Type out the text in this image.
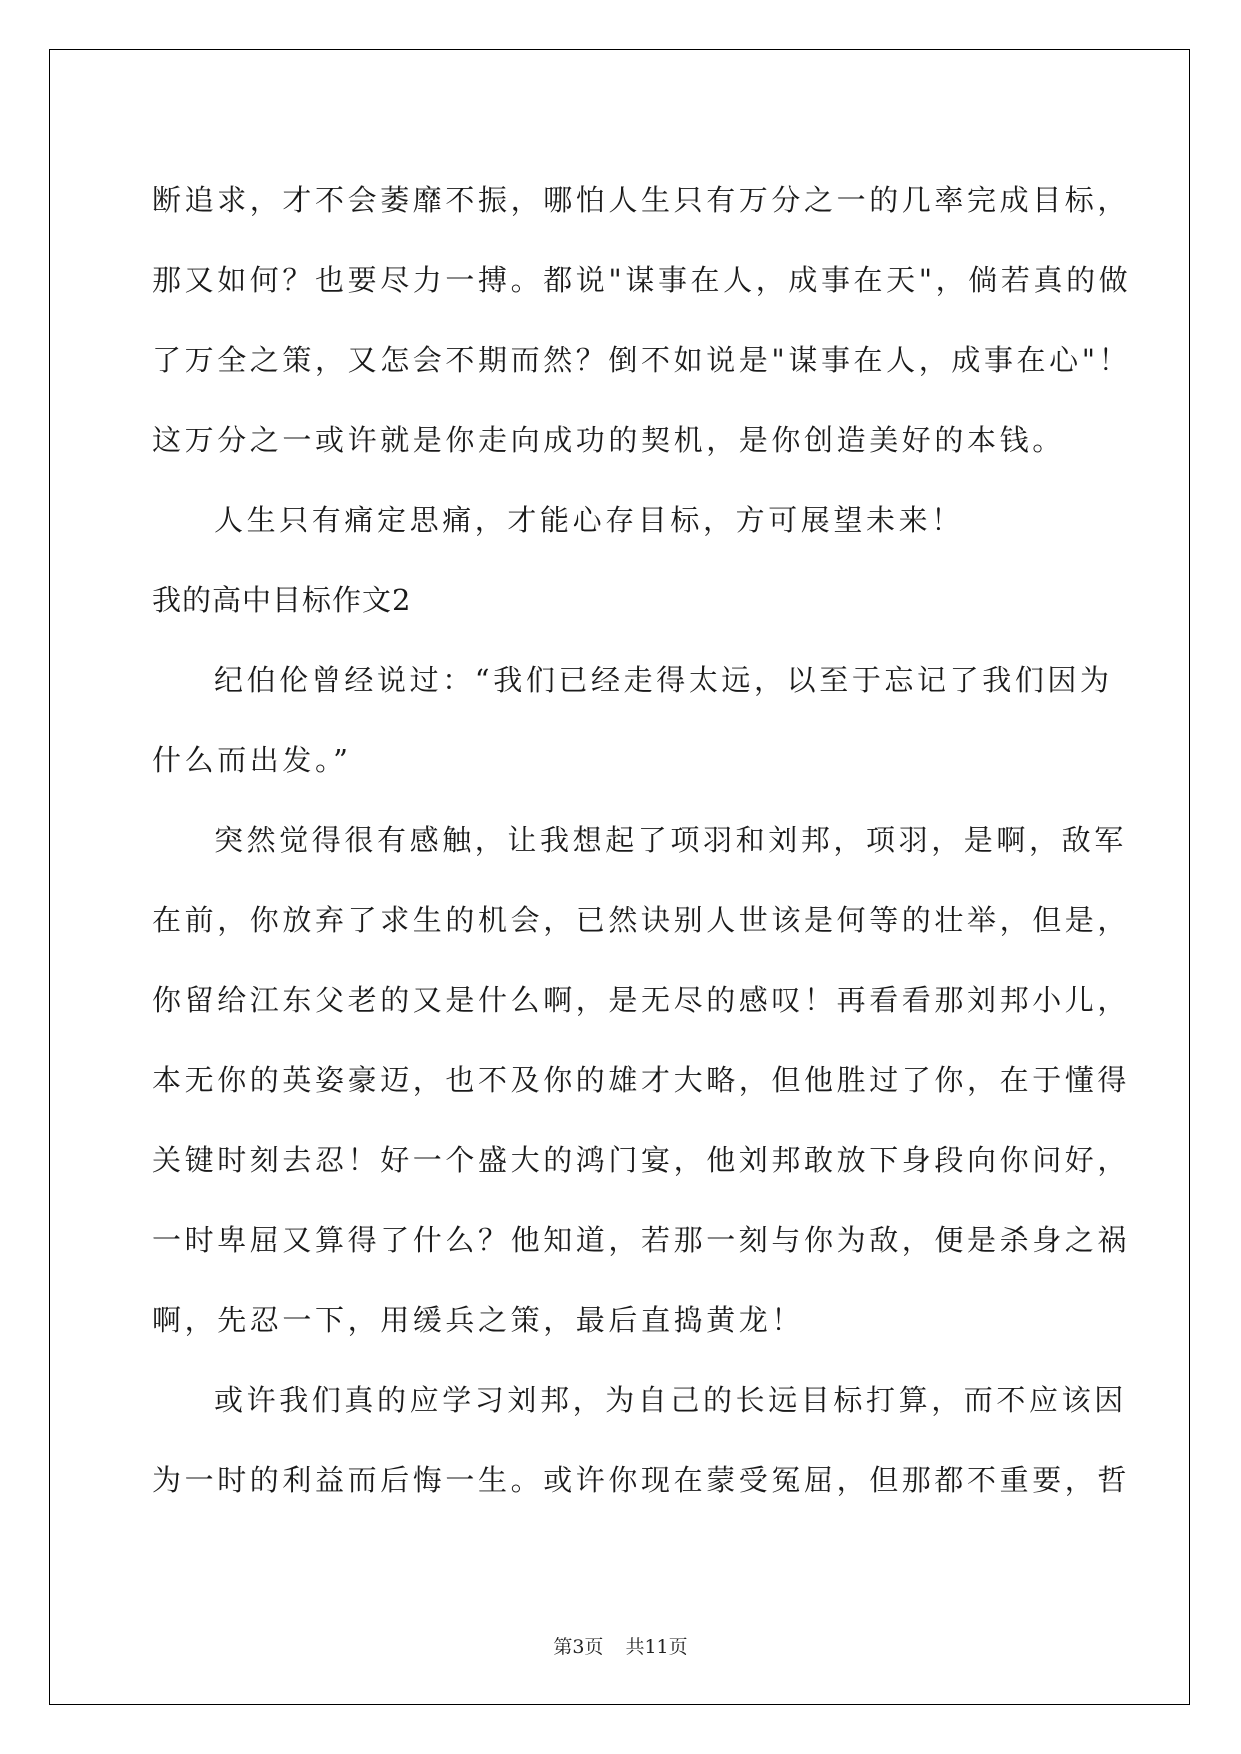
断追求，才不会萎靡不振，哪怕人生只有万分之一的几率完成目标，
那又如何？也要尽力一搏。都说"谋事在人，成事在天"，倘若真的做
了万全之策，又怎会不期而然？倒不如说是"谋事在人，成事在心"！
这万分之一或许就是你走向成功的契机，是你创造美好的本钱。
人生只有痛定思痛，才能心存目标，方可展望未来！
我的高中目标作文2
纪伯伦曾经说过：“我们已经走得太远，以至于忘记了我们因为
什么而出发。”
突然觉得很有感触，让我想起了项羽和刘邦，项羽，是啊，敌军
在前，你放弃了求生的机会，已然诀别人世该是何等的壮举，但是，
你留给江东父老的又是什么啊，是无尽的感叹！再看看那刘邦小儿，
本无你的英姿豪迈，也不及你的雄才大略，但他胜过了你，在于懂得
关键时刻去忍！好一个盛大的鸿门宴，他刘邦敢放下身段向你问好，
一时卑屈又算得了什么？他知道，若那一刻与你为敌，便是杀身之祸
啊，先忍一下，用缓兵之策，最后直捣黄龙！
或许我们真的应学习刘邦，为自己的长远目标打算，而不应该因
为一时的利益而后悔一生。或许你现在蒙受冤屈，但那都不重要，哲
第3页 共11页
